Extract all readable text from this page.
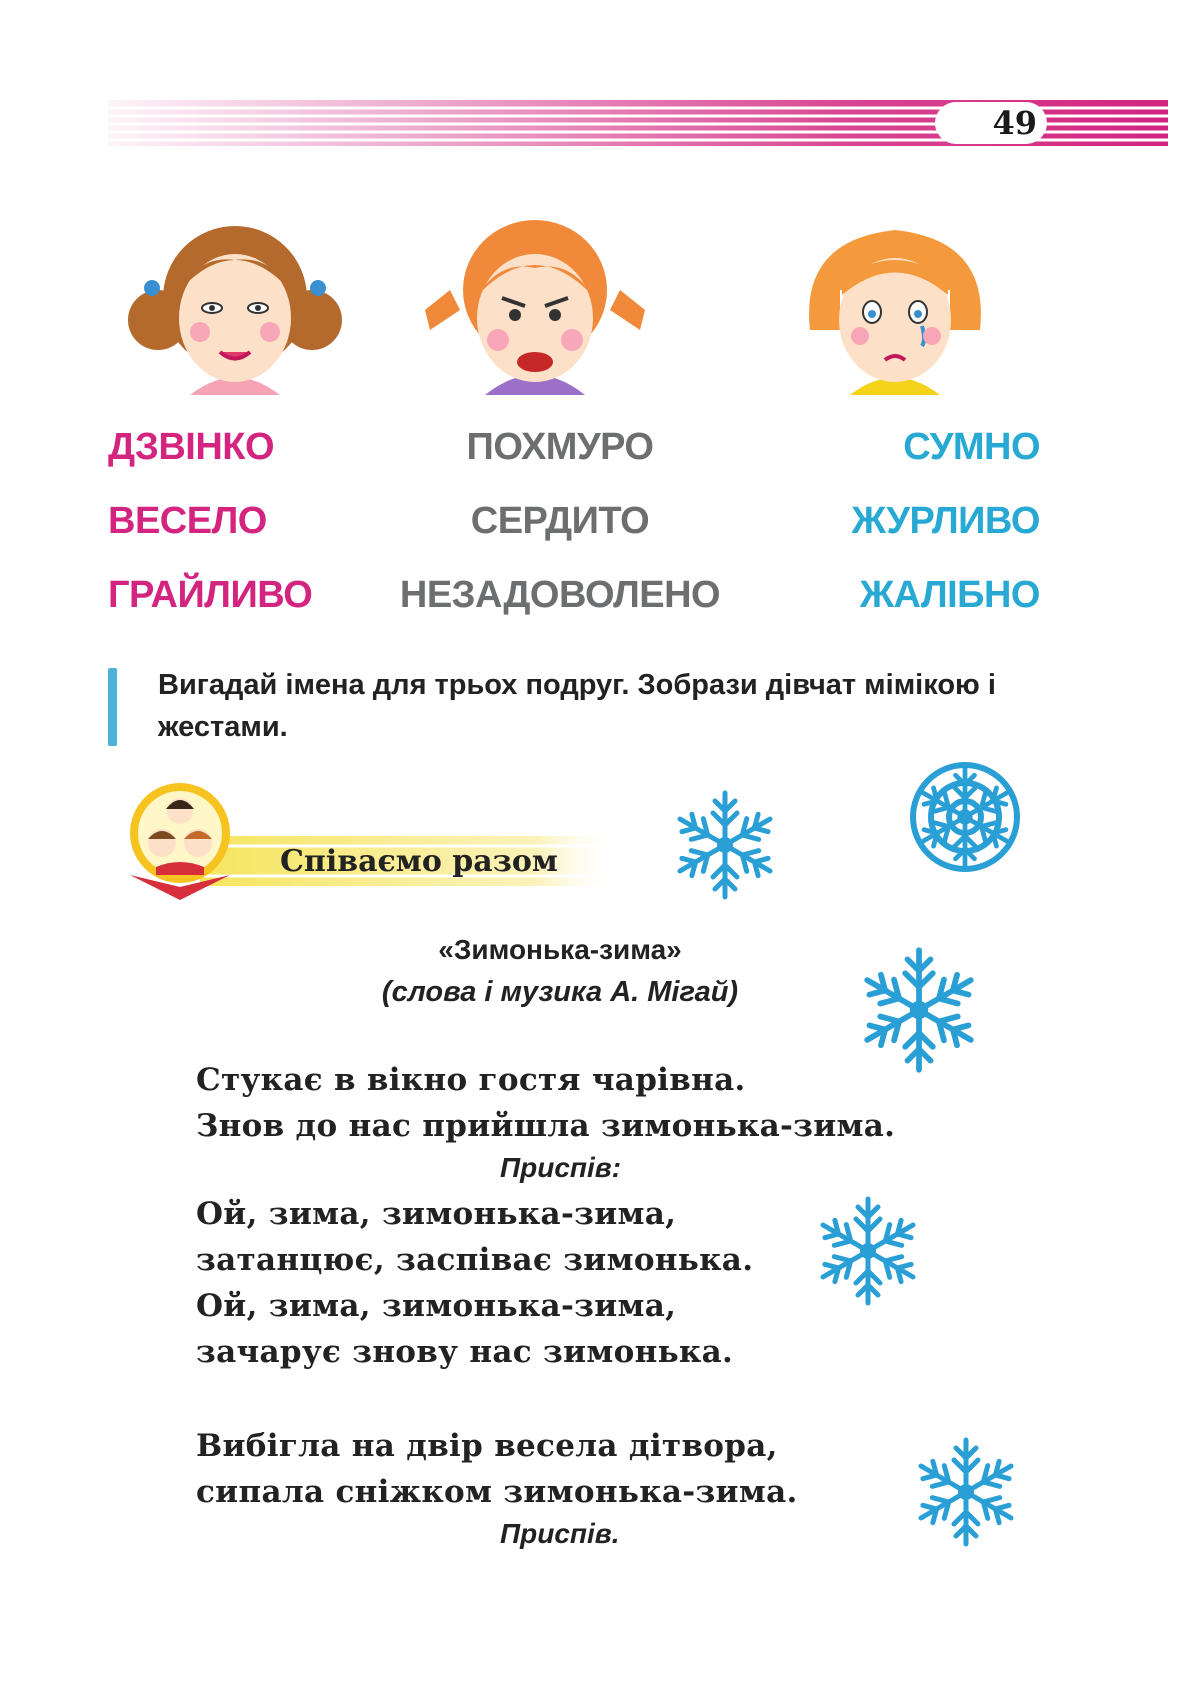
49
ДЗВІНКО
ВЕСЕЛО
ГРАЙЛИВО
ПОХМУРО
СЕРДИТО
НЕЗАДОВОЛЕНО
СУМНО
ЖУРЛИВО
ЖАЛІБНО
Вигадай імена для трьох подруг. Зобрази дівчат мімікою і жестами.
Співаємо разом
«Зимонька-зима»
(слова і музика А. Мігай)
Стукає в вікно гостя чарівна.
Знов до нас прийшла зимонька-зима.
Приспів:
Ой, зима, зимонька-зима,
затанцює, заспіває зимонька.
Ой, зима, зимонька-зима,
зачарує знову нас зимонька.
Вибігла на двір весела дітвора,
сипала сніжком зимонька-зима.
Приспів.
